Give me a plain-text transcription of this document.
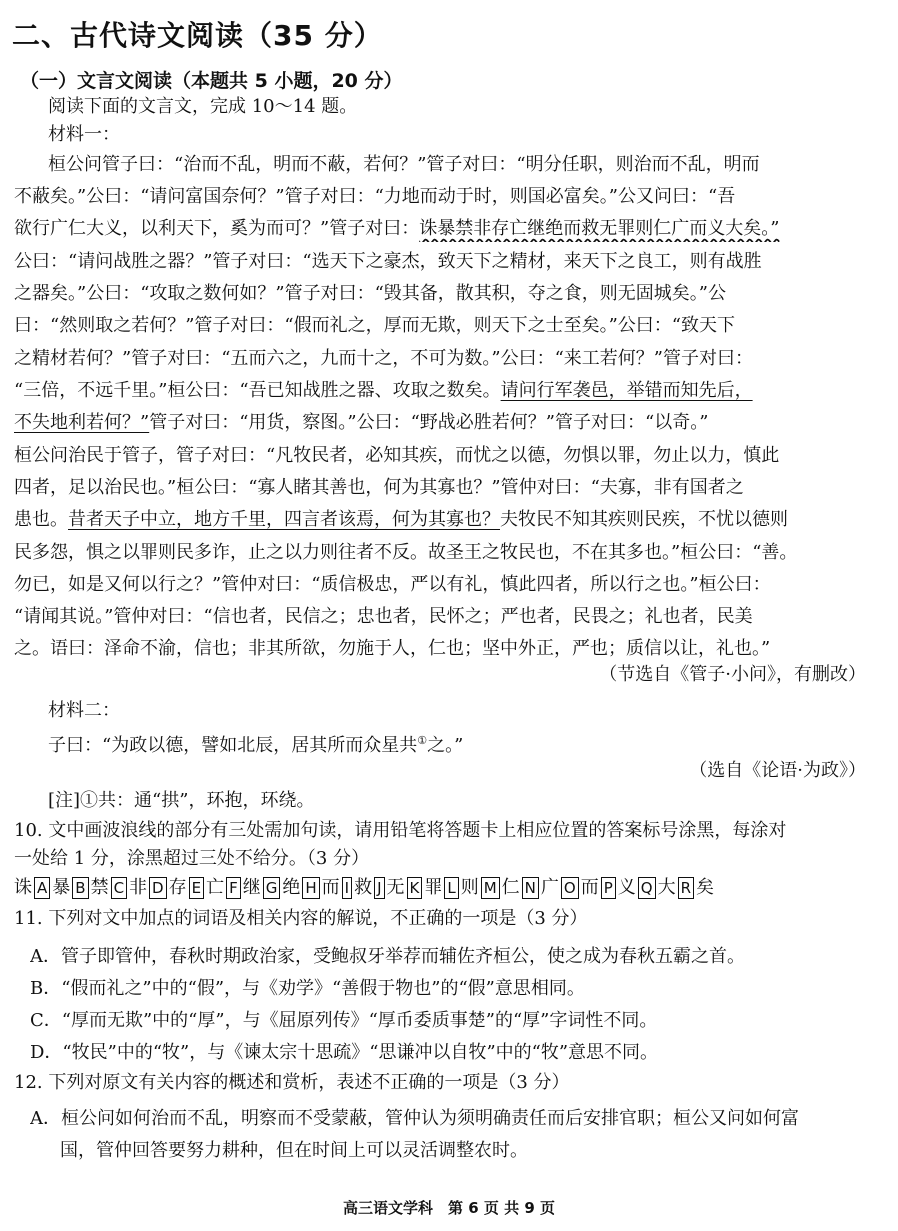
二、古代诗文阅读（35 分）
（一）文言文阅读（本题共 5 小题，20 分）
阅读下面的文言文，完成 10～14 题。
材料一：
桓公问管子曰：“治而不乱，明而不蔽，若何？”管子对曰：“明分任职，则治而不乱，明而
不蔽矣。”公曰：“请问富国奈何？”管子对曰：“力地而动于时，则国必富矣。”公又问曰：“吾
欲行广仁大义，以利天下，奚为而可？”管子对曰：诛暴禁非存亡继绝而救无罪则仁广而义大矣。”
公曰：“请问战胜之器？”管子对曰：“选天下之豪杰，致天下之精材，来天下之良工，则有战胜
之器矣。”公曰：“攻取之数何如？”管子对曰：“毁其备，散其积，夺之食，则无固城矣。”公
曰：“然则取之若何？”管子对曰：“假而礼之，厚而无欺，则天下之士至矣。”公曰：“致天下
之精材若何？”管子对曰：“五而六之，九而十之，不可为数。”公曰：“来工若何？”管子对曰：
“三倍，不远千里。”桓公曰：“吾已知战胜之器、攻取之数矣。请问行军袭邑，举错而知先后，
不失地利若何？”管子对曰：“用货，察图。”公曰：“野战必胜若何？”管子对曰：“以奇。”
桓公问治民于管子，管子对曰：“凡牧民者，必知其疾，而忧之以德，勿惧以罪，勿止以力，慎此
四者，足以治民也。”桓公曰：“寡人睹其善也，何为其寡也？”管仲对曰：“夫寡，非有国者之
患也。昔者天子中立，地方千里，四言者该焉，何为其寡也？夫牧民不知其疾则民疾，不忧以德则
民多怨，惧之以罪则民多诈，止之以力则往者不反。故圣王之牧民也，不在其多也。”桓公曰：“善。
勿已，如是又何以行之？”管仲对曰：“质信极忠，严以有礼，慎此四者，所以行之也。”桓公曰：
“请闻其说。”管仲对曰：“信也者，民信之；忠也者，民怀之；严也者，民畏之；礼也者，民美
之。语曰：泽命不渝，信也；非其所欲，勿施于人，仁也；坚中外正，严也；质信以让，礼也。”
（节选自《管子·小问》，有删改）
材料二：
子曰：“为政以德，譬如北辰，居其所而众星共①之。”
（选自《论语·为政》）
[注]①共：通“拱”，环抱，环绕。
10. 文中画波浪线的部分有三处需加句读，请用铅笔将答题卡上相应位置的答案标号涂黑，每涂对
一处给 1 分，涂黑超过三处不给分。（3 分）
诛 A 暴 B 禁 C 非 D 存 E 亡 F 继 G 绝 H 而 I 救 J 无 K 罪 L 则 M 仁 N 广 O 而 P 义 Q 大 R 矣
11. 下列对文中加点的词语及相关内容的解说，不正确的一项是（3 分）
A．管子即管仲，春秋时期政治家，受鲍叔牙举荐而辅佐齐桓公，使之成为春秋五霸之首。
B．“假而礼之”中的“假”，与《劝学》“善假于物也”的“假”意思相同。
C．“厚而无欺”中的“厚”，与《屈原列传》“厚币委质事楚”的“厚”字词性不同。
D．“牧民”中的“牧”，与《谏太宗十思疏》“思谦冲以自牧”中的“牧”意思不同。
12. 下列对原文有关内容的概述和赏析，表述不正确的一项是（3 分）
A．桓公问如何治而不乱，明察而不受蒙蔽，管仲认为须明确责任而后安排官职；桓公又问如何富
国，管仲回答要努力耕种，但在时间上可以灵活调整农时。
高三语文学科　第 6 页 共 9 页
